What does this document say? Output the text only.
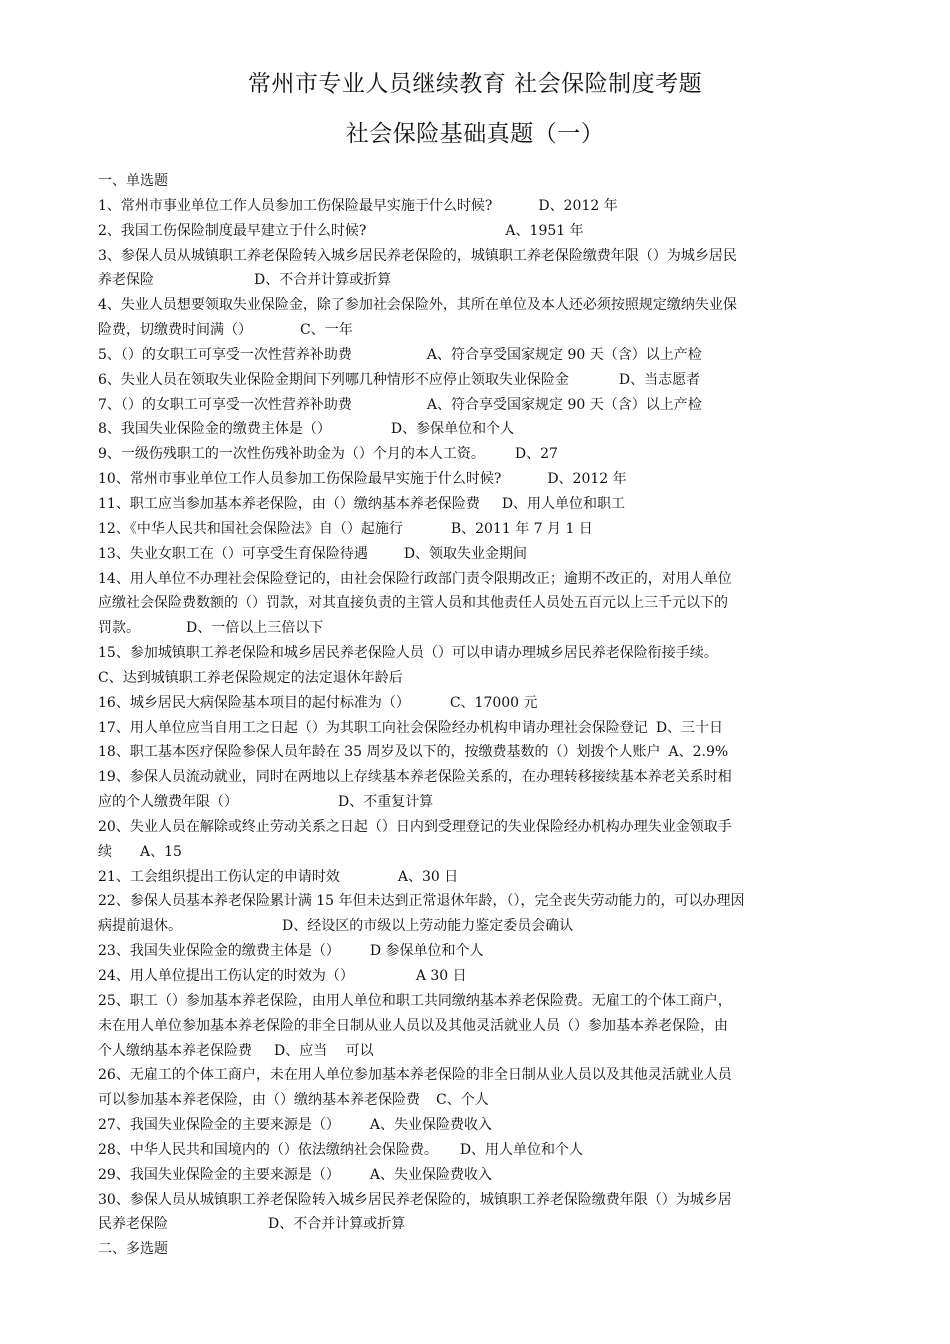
常州市专业人员继续教育 社会保险制度考题
社会保险基础真题（一）
一、单选题
1、常州市事业单位工作人员参加工伤保险最早实施于什么时候?	D、2012 年
2、我国工伤保险制度最早建立于什么时候?	A、1951 年
3、参保人员从城镇职工养老保险转入城乡居民养老保险的，城镇职工养老保险缴费年限（）为城乡居民
养老保险	D、不合并计算或折算
4、失业人员想要领取失业保险金，除了参加社会保险外，其所在单位及本人还必须按照规定缴纳失业保
险费，切缴费时间满（）	C、一年
5、（）的女职工可享受一次性营养补助费	A、符合享受国家规定 90 天（含）以上产检
6、失业人员在领取失业保险金期间下列哪几种情形不应停止领取失业保险金	D、当志愿者
7、（）的女职工可享受一次性营养补助费	A、符合享受国家规定 90 天（含）以上产检
8、我国失业保险金的缴费主体是（）	D、参保单位和个人
9、一级伤残职工的一次性伤残补助金为（）个月的本人工资。 D、27
10、常州市事业单位工作人员参加工伤保险最早实施于什么时候?	D、2012 年
11、职工应当参加基本养老保险，由（）缴纳基本养老保险费 D、用人单位和职工
12、《中华人民共和国社会保险法》自（）起施行	B、2011 年 7 月 1 日
13、失业女职工在（）可享受生育保险待遇	D、领取失业金期间
14、用人单位不办理社会保险登记的，由社会保险行政部门责令限期改正；逾期不改正的，对用人单位
应缴社会保险费数额的（）罚款，对其直接负责的主管人员和其他责任人员处五百元以上三千元以下的
罚款。	D、一倍以上三倍以下
15、参加城镇职工养老保险和城乡居民养老保险人员（）可以申请办理城乡居民养老保险衔接手续。
C、达到城镇职工养老保险规定的法定退休年龄后
16、城乡居民大病保险基本项目的起付标准为（）	C、17000 元
17、用人单位应当自用工之日起（）为其职工向社会保险经办机构申请办理社会保险登记 D、三十日
18、职工基本医疗保险参保人员年龄在 35 周岁及以下的，按缴费基数的（）划拨个人账户 A、2.9%
19、参保人员流动就业，同时在两地以上存续基本养老保险关系的，在办理转移接续基本养老关系时相
应的个人缴费年限（）	D、不重复计算
20、失业人员在解除或终止劳动关系之日起（）日内到受理登记的失业保险经办机构办理失业金领取手
续 A、15
21、工会组织提出工伤认定的申请时效	A、30 日
22、参保人员基本养老保险累计满 15 年但未达到正常退休年龄，（），完全丧失劳动能力的，可以办理因
病提前退休。	D、经设区的市级以上劳动能力鉴定委员会确认
23、我国失业保险金的缴费主体是（） D 参保单位和个人
24、用人单位提出工伤认定的时效为（）	A 30 日
25、职工（）参加基本养老保险，由用人单位和职工共同缴纳基本养老保险费。无雇工的个体工商户，
未在用人单位参加基本养老保险的非全日制从业人员以及其他灵活就业人员（）参加基本养老保险，由
个人缴纳基本养老保险费 D、应当　 可以
26、无雇工的个体工商户，未在用人单位参加基本养老保险的非全日制从业人员以及其他灵活就业人员
可以参加基本养老保险，由（）缴纳基本养老保险费 C、个人
27、我国失业保险金的主要来源是（） A、失业保险费收入
28、中华人民共和国境内的（）依法缴纳社会保险费。 D、用人单位和个人
29、我国失业保险金的主要来源是（） A、失业保险费收入
30、参保人员从城镇职工养老保险转入城乡居民养老保险的，城镇职工养老保险缴费年限（）为城乡居
民养老保险	D、不合并计算或折算
二、多选题
